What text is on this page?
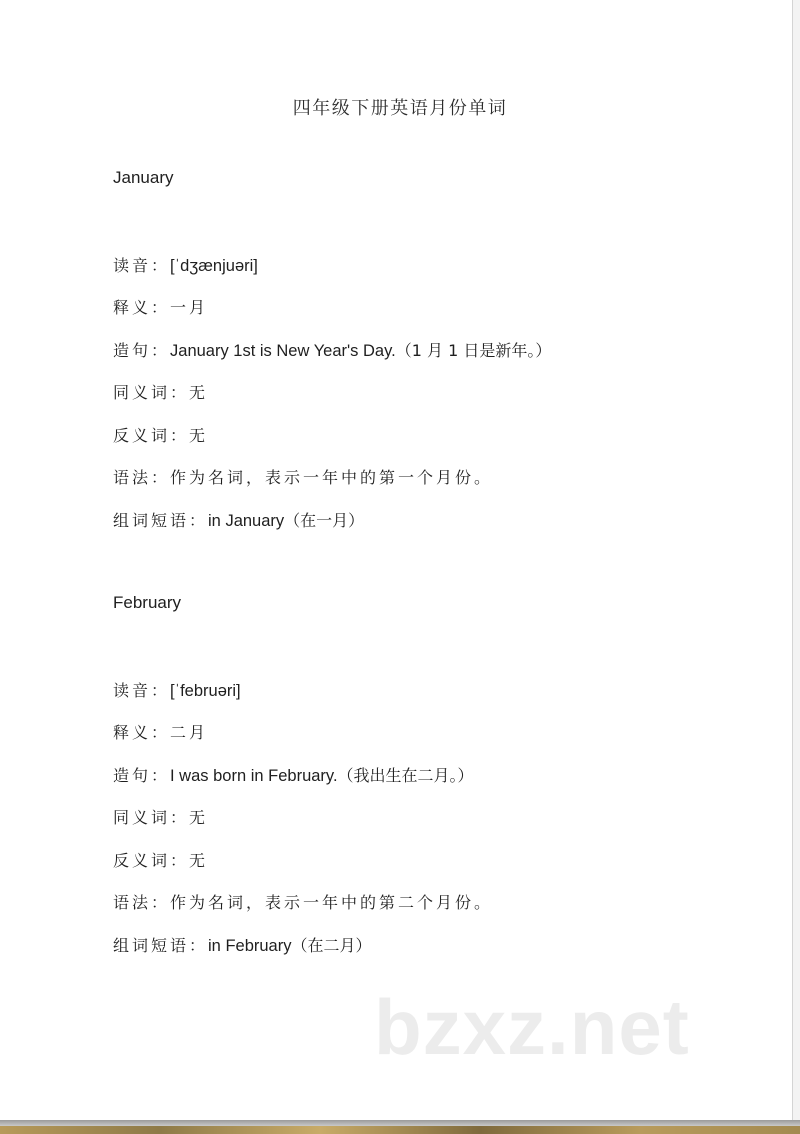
四年级下册英语月份单词
January
读音：[ˈdʒænjuəri]
释义：一月
造句：January 1st is New Year's Day.（1 月 1 日是新年。）
同义词：无
反义词：无
语法：作为名词，表示一年中的第一个月份。
组词短语：in January（在一月）
February
读音：[ˈfebruəri]
释义：二月
造句：I was born in February.（我出生在二月。）
同义词：无
反义词：无
语法：作为名词，表示一年中的第二个月份。
组词短语：in February（在二月）
bzxz.net
